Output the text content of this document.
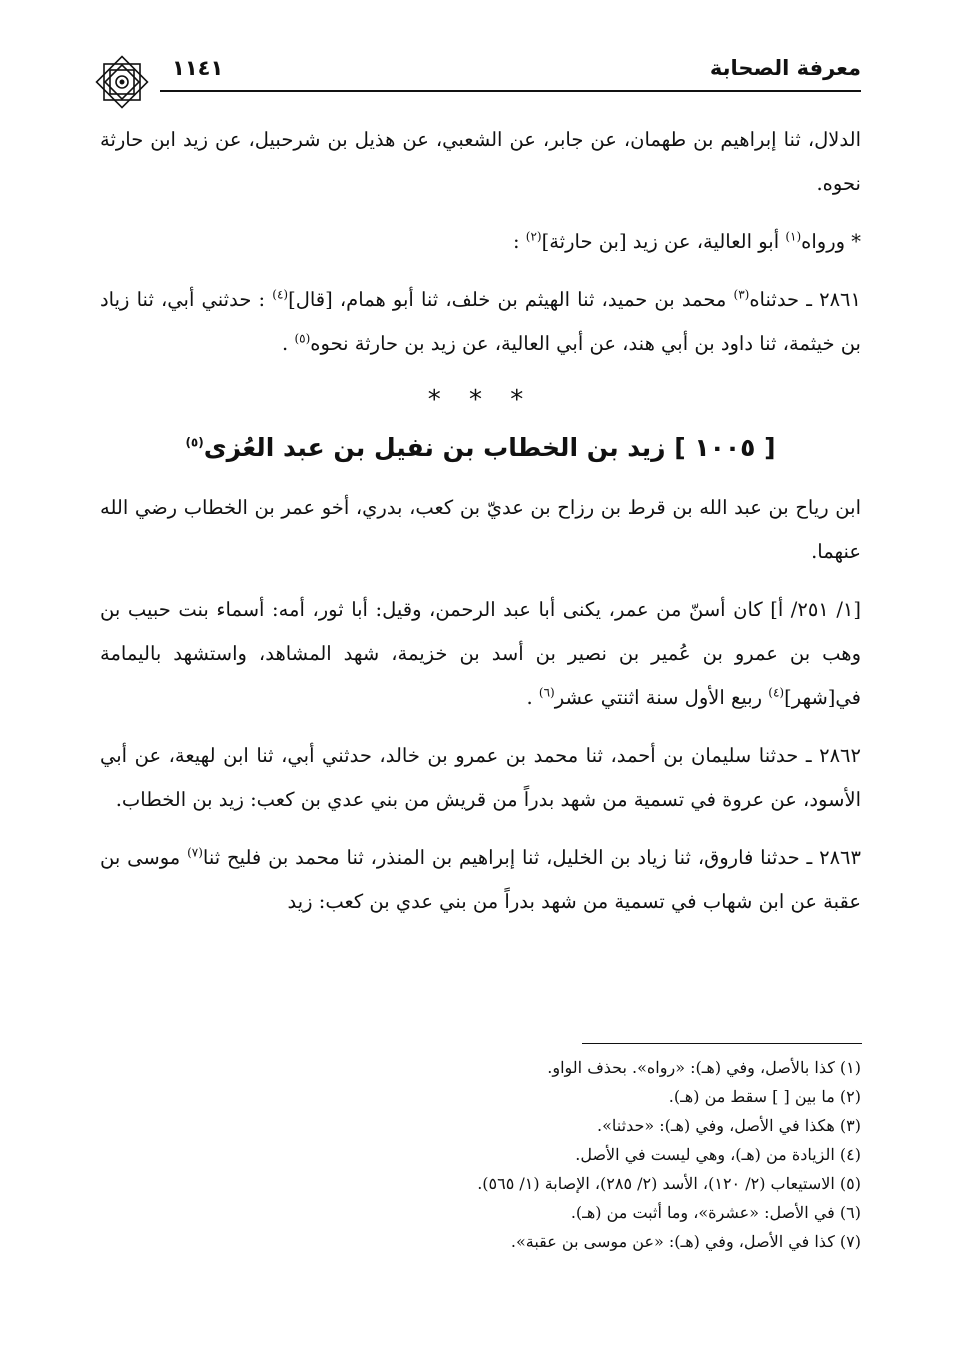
معرفة الصحابة
١١٤١
الدلال، ثنا إبراهيم بن طهمان، عن جابر، عن الشعبي، عن هذيل بن شرحبيل، عن زيد ابن حارثة نحوه.
* ورواه$^{(١)}$ أبو العالية، عن زيد [بن حارثة]$^{(٢)}$ :
٢٨٦١ ـ حدثناه$^{(٣)}$ محمد بن حميد، ثنا الهيثم بن خلف، ثنا أبو همام، [قال]$^{(٤)}$ : حدثني أبي، ثنا زياد بن خيثمة، ثنا داود بن أبي هند، عن أبي العالية، عن زيد بن حارثة نحوه$^{(٥)}$ .
* * *
[ ١٠٠٥ ] زيد بن الخطاب بن نفيل بن عبد العُزى$^{(٥)}$
ابن رياح بن عبد الله بن قرط بن رزاح بن عديّ بن كعب، بدري، أخو عمر بن الخطاب رضي الله عنهما.
[١/ ٢٥١/ أ] كان أسنّ من عمر، يكنى أبا عبد الرحمن، وقيل: أبا ثور، أمه: أسماء بنت حبيب بن وهب بن عمرو بن عُمير بن نصير بن أسد بن خزيمة، شهد المشاهد، واستشهد باليمامة في[شهر]$^{(٤)}$ ربيع الأول سنة اثنتي عشر$^{(٦)}$ .
٢٨٦٢ ـ حدثنا سليمان بن أحمد، ثنا محمد بن عمرو بن خالد، حدثني أبي، ثنا ابن لهيعة، عن أبي الأسود، عن عروة في تسمية من شهد بدراً من قريش من بني عدي بن كعب: زيد بن الخطاب.
٢٨٦٣ ـ حدثنا فاروق، ثنا زياد بن الخليل، ثنا إبراهيم بن المنذر، ثنا محمد بن فليح ثنا$^{(٧)}$ موسى بن عقبة عن ابن شهاب في تسمية من شهد بدراً من بني عدي بن كعب: زيد
(١) كذا بالأصل، وفي (هـ): «رواه». بحذف الواو.
(٢) ما بين [ ] سقط من (هـ).
(٣) هكذا في الأصل، وفي (هـ): «حدثنا».
(٤) الزيادة من (هـ)، وهي ليست في الأصل.
(٥) الاستيعاب (٢/ ١٢٠)، الأسد (٢/ ٢٨٥)، الإصابة (١/ ٥٦٥).
(٦) في الأصل: «عشرة»، وما أثبت من (هـ).
(٧) كذا في الأصل، وفي (هـ): «عن موسى بن عقبة».
